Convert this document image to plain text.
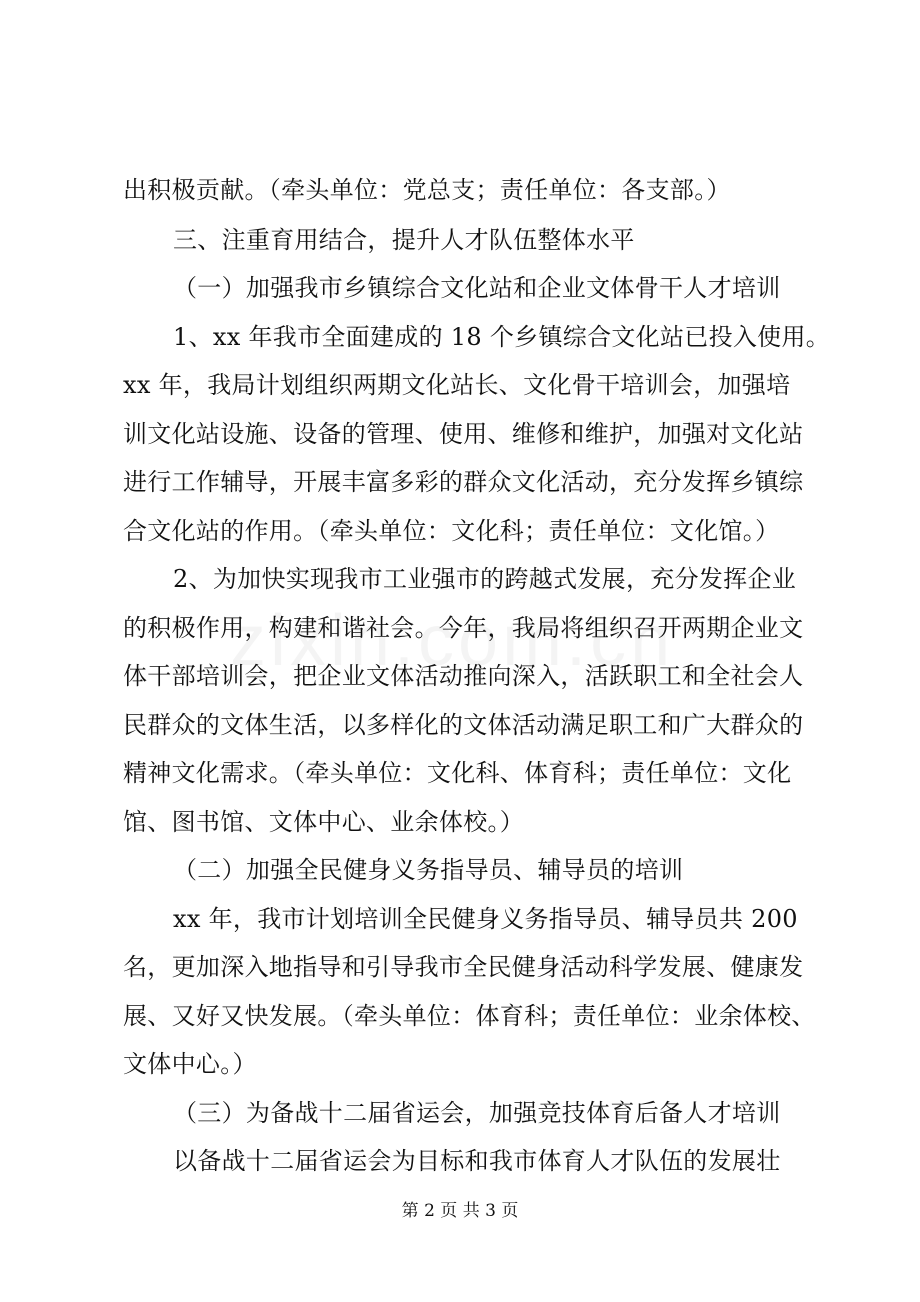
出积极贡献。（牵头单位：党总支；责任单位：各支部。）
三、注重育用结合，提升人才队伍整体水平
（一）加强我市乡镇综合文化站和企业文体骨干人才培训
1、xx 年我市全面建成的 18 个乡镇综合文化站已投入使用。
xx 年，我局计划组织两期文化站长、文化骨干培训会，加强培
训文化站设施、设备的管理、使用、维修和维护，加强对文化站
进行工作辅导，开展丰富多彩的群众文化活动，充分发挥乡镇综
合文化站的作用。（牵头单位：文化科；责任单位：文化馆。）
2、为加快实现我市工业强市的跨越式发展，充分发挥企业
的积极作用，构建和谐社会。今年，我局将组织召开两期企业文
体干部培训会，把企业文体活动推向深入，活跃职工和全社会人
民群众的文体生活，以多样化的文体活动满足职工和广大群众的
精神文化需求。（牵头单位：文化科、体育科；责任单位：文化
馆、图书馆、文体中心、业余体校。）
（二）加强全民健身义务指导员、辅导员的培训
xx 年，我市计划培训全民健身义务指导员、辅导员共 200
名，更加深入地指导和引导我市全民健身活动科学发展、健康发
展、又好又快发展。（牵头单位：体育科；责任单位：业余体校、
文体中心。）
（三）为备战十二届省运会，加强竞技体育后备人才培训
以备战十二届省运会为目标和我市体育人才队伍的发展壮
第 2 页 共 3 页
